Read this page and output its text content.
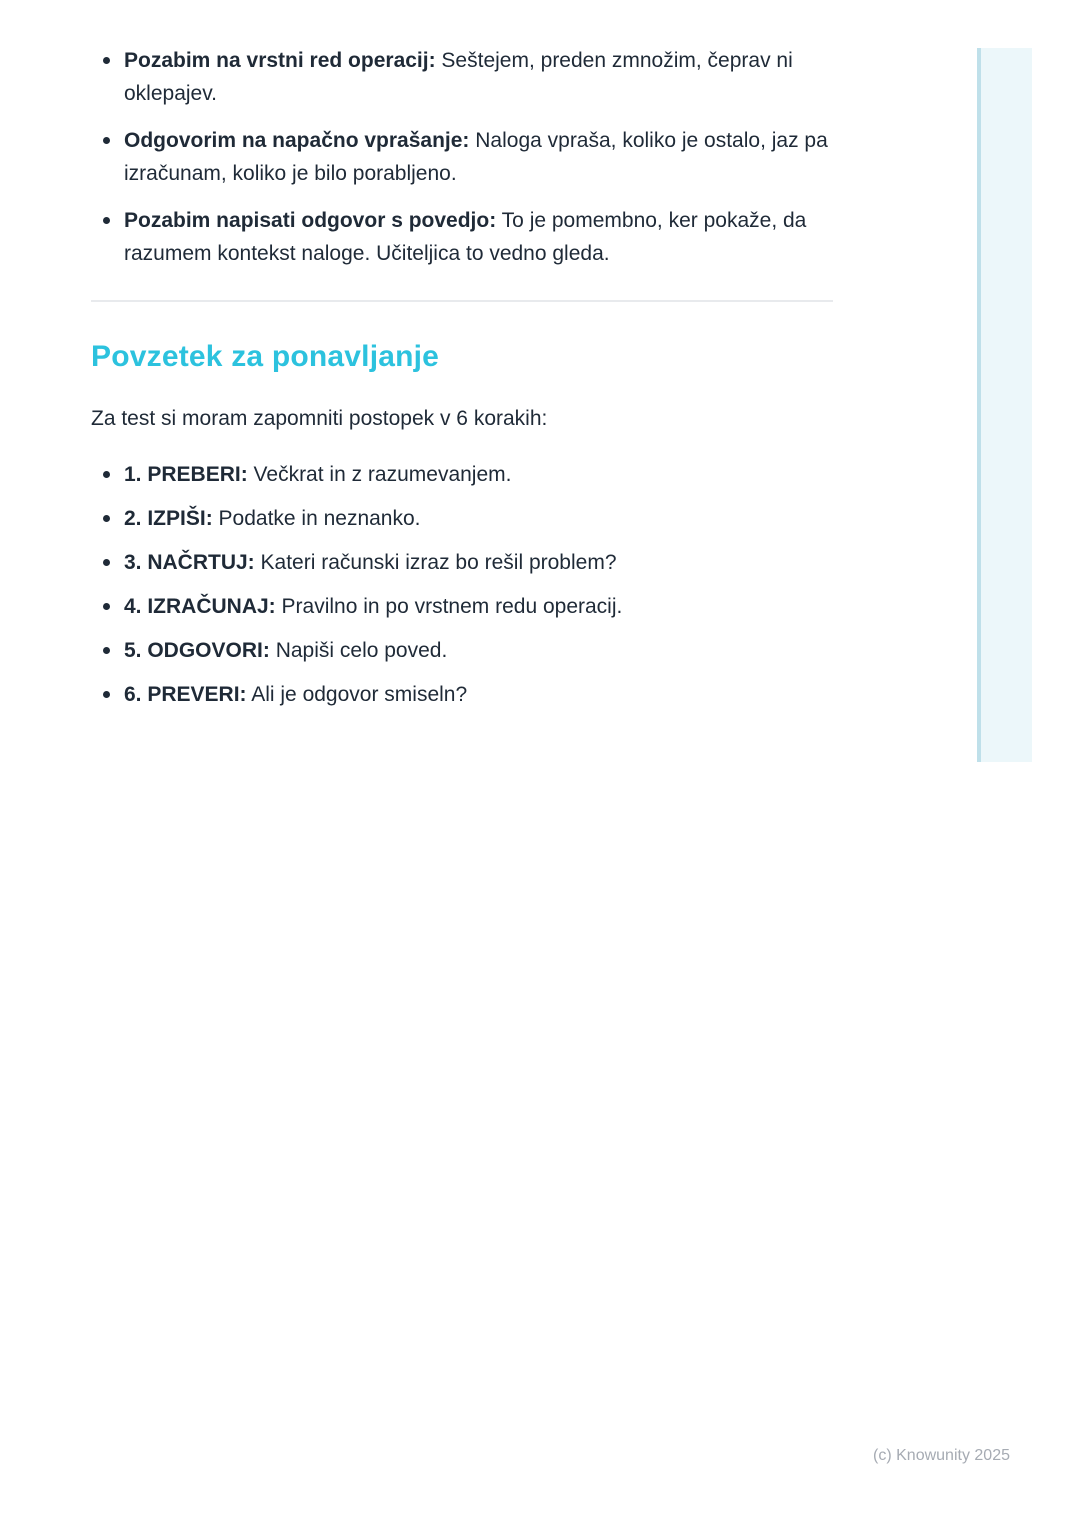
Pozabim na vrstni red operacij: Seštejem, preden zmnožim, čeprav ni oklepajev.
Odgovorim na napačno vprašanje: Naloga vpraša, koliko je ostalo, jaz pa izračunam, koliko je bilo porabljeno.
Pozabim napisati odgovor s povedjo: To je pomembno, ker pokaže, da razumem kontekst naloge. Učiteljica to vedno gleda.
Povzetek za ponavljanje

Za test si moram zapomniti postopek v 6 korakih:

1. PREBERI: Večkrat in z razumevanjem.
2. IZPIŠI: Podatke in neznanko.
3. NAČRTUJ: Kateri računski izraz bo rešil problem?
4. IZRAČUNAJ: Pravilno in po vrstnem redu operacij.
5. ODGOVORI: Napiši celo poved.
6. PREVERI: Ali je odgovor smiseln?
(c) Knowunity 2025
